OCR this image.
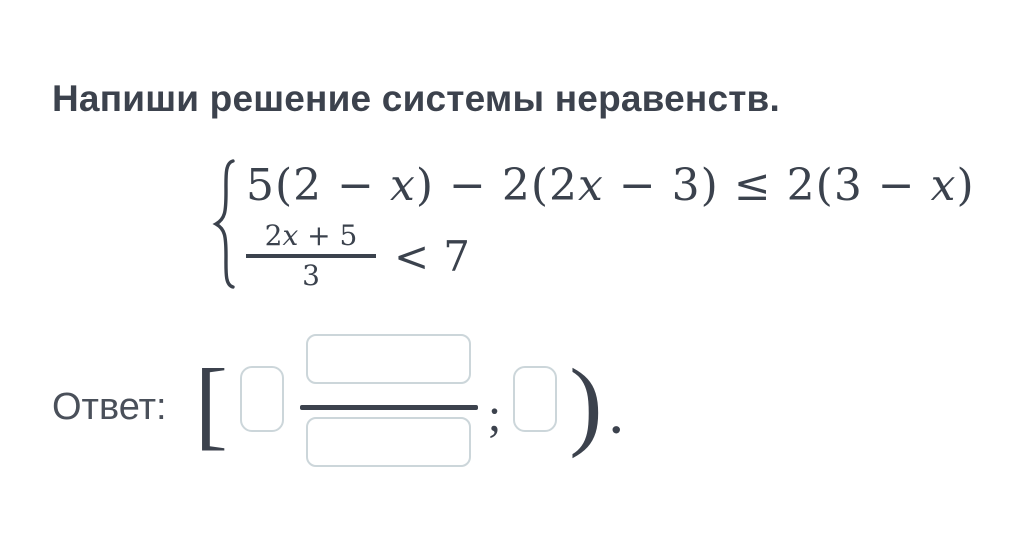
Напиши решение системы неравенств.
5(2 − x) − 2(2x − 3) ≤ 2(3 − x)
$\frac{2x + 5}{3} < 7$
Ответ: [	; ) .
